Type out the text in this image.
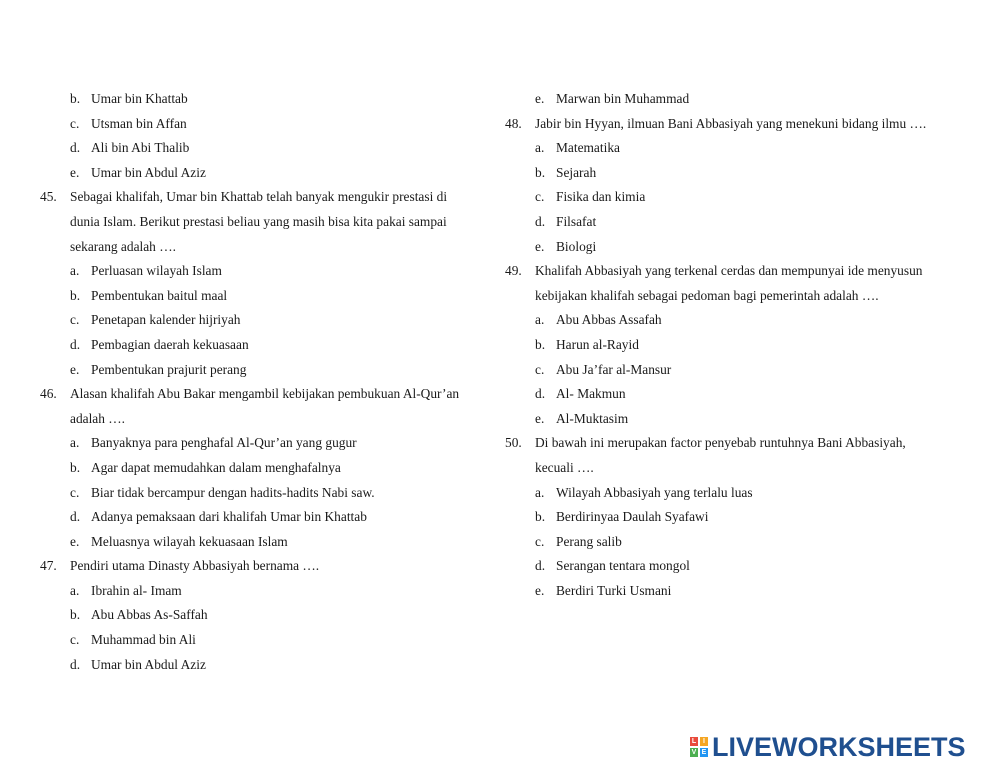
b. Umar bin Khattab
c. Utsman bin Affan
d. Ali bin Abi Thalib
e. Umar bin Abdul Aziz
45. Sebagai khalifah, Umar bin Khattab telah banyak mengukir prestasi di
dunia Islam. Berikut prestasi beliau yang masih bisa kita pakai sampai
sekarang adalah ….
a. Perluasan wilayah Islam
b. Pembentukan baitul maal
c. Penetapan kalender hijriyah
d. Pembagian daerah kekuasaan
e. Pembentukan prajurit perang
46. Alasan khalifah Abu Bakar mengambil kebijakan pembukuan Al-Qur’an
adalah ….
a. Banyaknya para penghafal Al-Qur’an yang gugur
b. Agar dapat memudahkan dalam menghafalnya
c. Biar tidak bercampur dengan hadits-hadits Nabi saw.
d. Adanya pemaksaan dari khalifah Umar bin Khattab
e. Meluasnya wilayah kekuasaan Islam
47. Pendiri utama Dinasty Abbasiyah bernama ….
a. Ibrahin al- Imam
b. Abu Abbas As-Saffah
c. Muhammad bin Ali
d. Umar bin Abdul Aziz
e. Marwan bin Muhammad
48. Jabir bin Hyyan, ilmuan Bani Abbasiyah yang menekuni bidang ilmu ….
a. Matematika
b. Sejarah
c. Fisika dan kimia
d. Filsafat
e. Biologi
49. Khalifah Abbasiyah yang terkenal cerdas dan mempunyai ide menyusun
kebijakan khalifah sebagai pedoman bagi pemerintah adalah ….
a. Abu Abbas Assafah
b. Harun al-Rayid
c. Abu Ja’far al-Mansur
d. Al- Makmun
e. Al-Muktasim
50. Di bawah ini merupakan factor penyebab runtuhnya Bani Abbasiyah,
kecuali ….
a. Wilayah Abbasiyah yang terlalu luas
b. Berdirinyaa Daulah Syafawi
c. Perang salib
d. Serangan tentara mongol
e. Berdiri Turki Usmani
L I
V E LIVEWORKSHEETS
